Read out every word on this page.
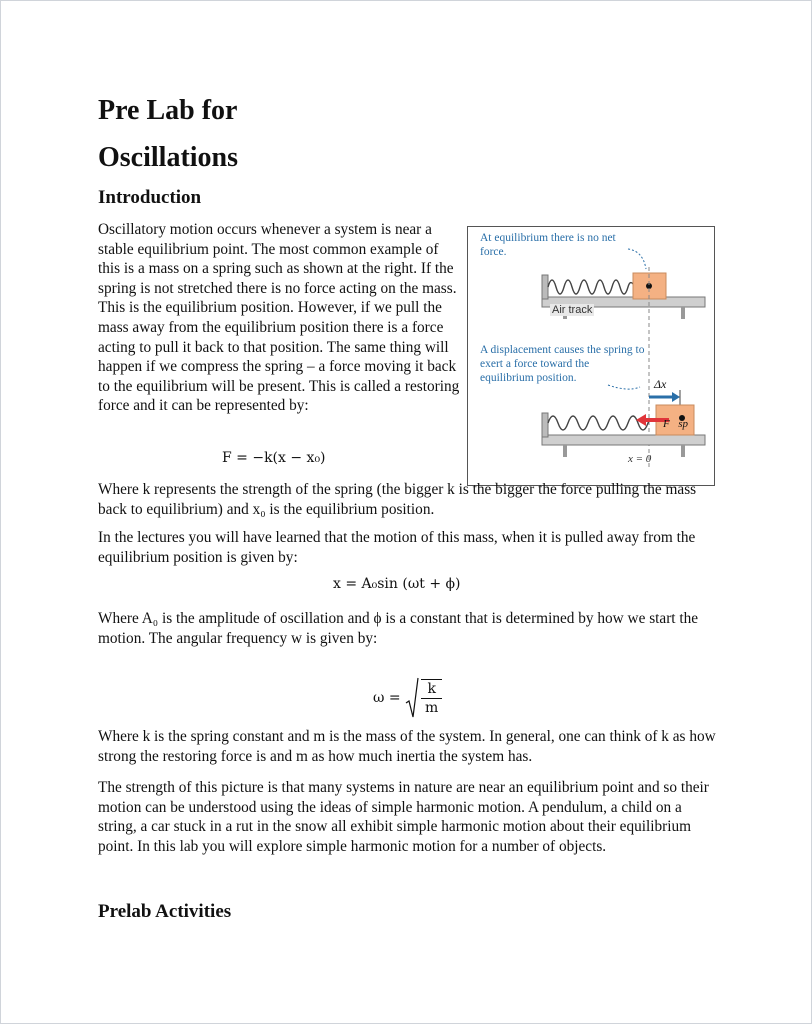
Pre Lab for
Oscillations
Introduction

Oscillatory motion occurs whenever a system is near a stable equilibrium point. The most common example of this is a mass on a spring such as shown at the right. If the spring is not stretched there is no force acting on the mass. This is the equilibrium position. However, if we pull the mass away from the equilibrium position there is a force acting to pull it back to that position. The same thing will happen if we compress the spring – a force moving it back to the equilibrium will be present. This is called a restoring force and it can be represented by:

At equilibrium there is no net force.

Air track

A displacement causes the spring to exert a force toward the equilibrium position.	Δx
F⃗sp
x = 0
F = −k(x − x₀)

Where k represents the strength of the spring (the bigger k is the bigger the force pulling the mass back to equilibrium) and x₀ is the equilibrium position.

In the lectures you will have learned that the motion of this mass, when it is pulled away from the equilibrium position is given by:

x = A₀sin (ωt + ϕ)

Where A₀ is the amplitude of oscillation and ϕ is a constant that is determined by how we start the motion. The angular frequency w is given by:

$\omega = \frac{k}{m}$

Where k is the spring constant and m is the mass of the system. In general, one can think of k as how strong the restoring force is and m as how much inertia the system has.

The strength of this picture is that many systems in nature are near an equilibrium point and so their motion can be understood using the ideas of simple harmonic motion. A pendulum, a child on a string, a car stuck in a rut in the snow all exhibit simple harmonic motion about their equilibrium point. In this lab you will explore simple harmonic motion for a number of objects.

Prelab Activities
